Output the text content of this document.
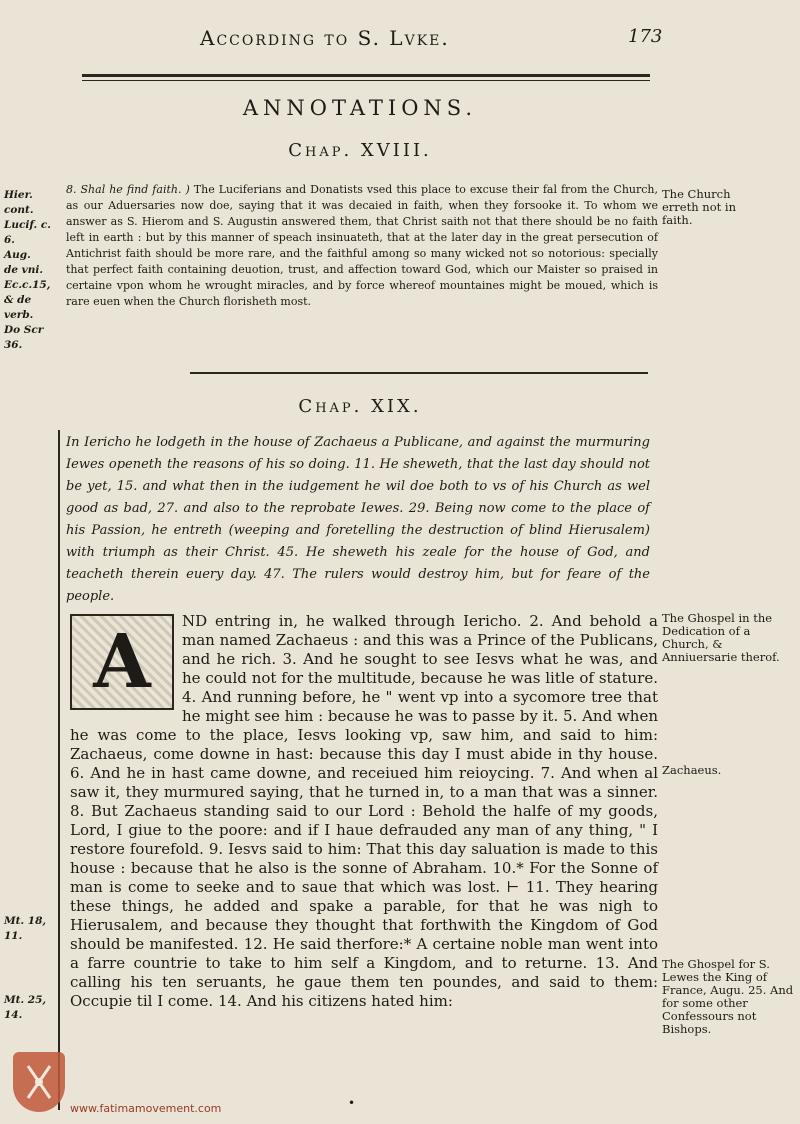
According to S. Lvke.	173
ANNOTATIONS.
Chap. XVIII.
Hier.
cont.
Lucif. c.
6.
Aug.
de vni.
Ec.c.15,
& de
verb.
Do Scr
36.
8. Shal he find faith. ) The Luciferians and Donatists vsed this place to excuse their fal from the Church, as our Aduersaries now doe, saying that it was decaied in faith, when they forsooke it. To whom we answer as S. Hierom and S. Augustin answered them, that Christ saith not that there should be no faith left in earth : but by this manner of speach insinuateth, that at the later day in the great persecution of Antichrist faith should be more rare, and the faithful among so many wicked not so notorious: specially that perfect faith containing deuotion, trust, and affection toward God, which our Maister so praised in certaine vpon whom he wrought miracles, and by force whereof mountaines might be moued, which is rare euen when the Church florisheth most.
The Church
erreth not in
faith.
Chap. XIX.
In Iericho he lodgeth in the house of Zachaeus a Publicane, and against the murmuring Iewes openeth the reasons of his so doing. 11. He sheweth, that the last day should not be yet, 15. and what then in the iudgement he wil doe both to vs of his Church as wel good as bad, 27. and also to the reprobate Iewes. 29. Being now come to the place of his Passion, he entreth (weeping and foretelling the destruction of blind Hierusalem) with triumph as their Christ. 45. He sheweth his zeale for the house of God, and teacheth therein euery day. 47. The rulers would destroy him, but for feare of the people.
A	ND entring in, he walked through Iericho. 2. And behold a man named Zachaeus : and this was a Prince of the Publicans, and he rich. 3. And he sought to see Iesvs what he was, and he could not for the multitude, because he was litle of stature. 4. And running before, he " went vp into a sycomore tree that he might see him : because he was to passe by it. 5. And when he was come to the place, Iesvs looking vp, saw him, and said to him: Zachaeus, come downe in hast: because this day I must abide in thy house. 6. And he in hast came downe, and receiued him reioycing. 7. And when al saw it, they murmured saying, that he turned in, to a man that was a sinner. 8. But Zachaeus standing said to our Lord : Behold the halfe of my goods, Lord, I giue to the poore: and if I haue defrauded any man of any thing, " I restore fourefold. 9. Iesvs said to him: That this day saluation is made to this house : because that he also is the sonne of Abraham. 10.* For the Sonne of man is come to seeke and to saue that which was lost. ⊢ 11. They hearing these things, he added and spake a parable, for that he was nigh to Hierusalem, and because they thought that forthwith the Kingdom of God should be manifested. 12. He said therfore:* A certaine noble man went into a farre countrie to take to him self a Kingdom, and to returne. 13. And calling his ten seruants, he gaue them ten poundes, and said to them: Occupie til I come. 14. And his citizens hated him:
The Ghospel in the Dedication of a Church, & Anniuersarie therof.
Zachaeus.
The Ghospel for S. Lewes the King of France, Augu. 25. And for some other Confessours not Bishops.
Mt. 18,
11.
Mt. 25,
14.
•
www.fatimamovement.com
